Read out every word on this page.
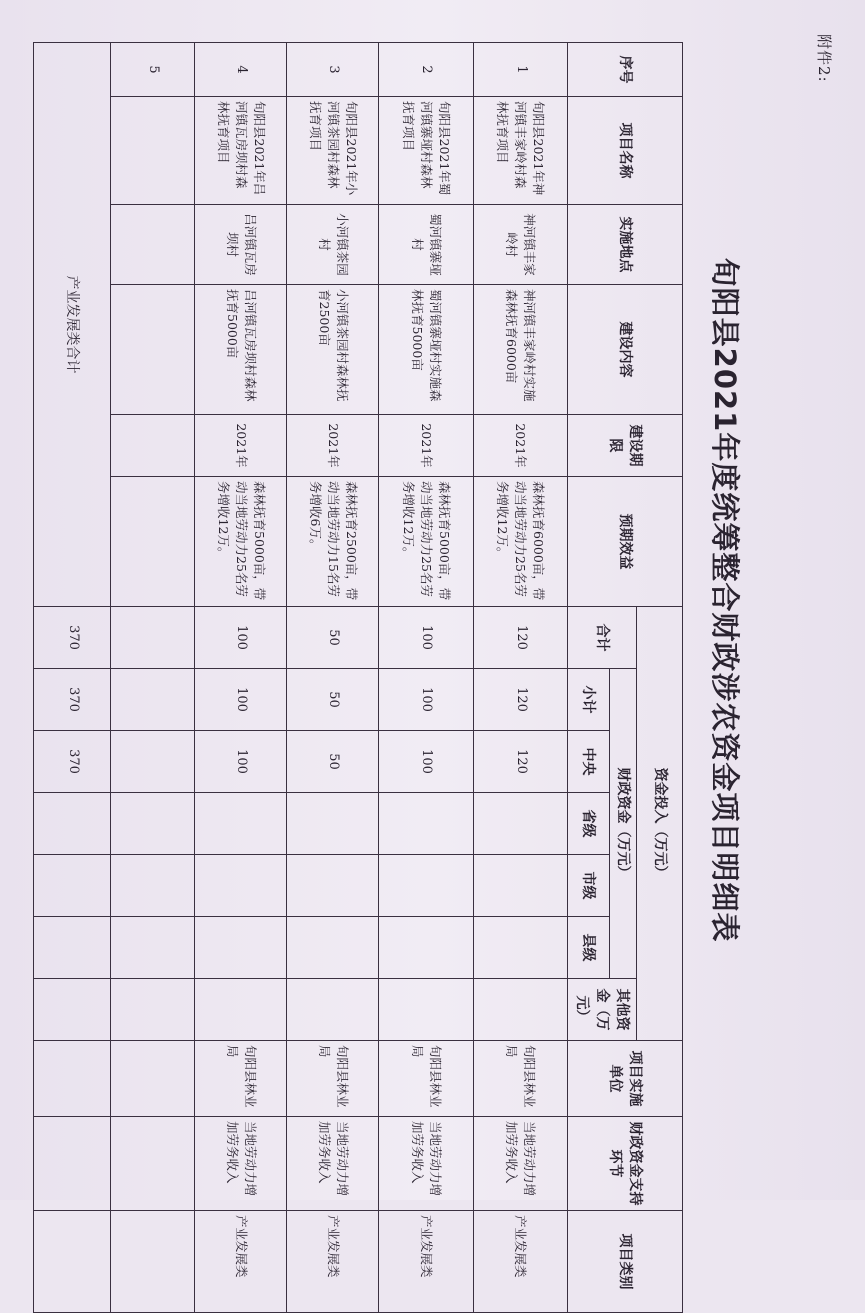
附件2:
旬阳县2021年度统筹整合财政涉农资金项目明细表
序号	项目名称	实施地点	建设内容	建设期限	预期效益	资金投入（万元）							项目实施单位	财政资金支持环节	项目类别
						合计	财政资金（万元）					其他资金（万元）			
							小计	中央	省级	市级	县级				
1	旬阳县2021年神河镇丰家岭村森林抚育项目	神河镇丰家岭村	神河镇丰家岭村实施森林抚育6000亩	2021年	森林抚育6000亩，带动当地劳动力25名劳务增收12万。	120	120	120					旬阳县林业局	当地劳动力增加劳务收入	产业发展类
2	旬阳县2021年蜀河镇寨垭村森林抚育项目	蜀河镇寨垭村	蜀河镇寨垭村实施森林抚育5000亩	2021年	森林抚育5000亩，带动当地劳动力25名劳务增收12万。	100	100	100					旬阳县林业局	当地劳动力增加劳务收入	产业发展类
3	旬阳县2021年小河镇茶园村森林抚育项目	小河镇茶园村	小河镇茶园村森林抚育2500亩	2021年	森林抚育2500亩，带动当地劳动力15名劳务增收6万。	50	50	50					旬阳县林业局	当地劳动力增加劳务收入	产业发展类
4	旬阳县2021年吕河镇瓦房坝村森林抚育项目	吕河镇瓦房坝村	吕河镇瓦房坝村森林抚育5000亩	2021年	森林抚育5000亩，带动当地劳动力25名劳务增收12万。	100	100	100					旬阳县林业局	当地劳动力增加劳务收入	产业发展类
5															
产业发展类合计						370	370	370							
